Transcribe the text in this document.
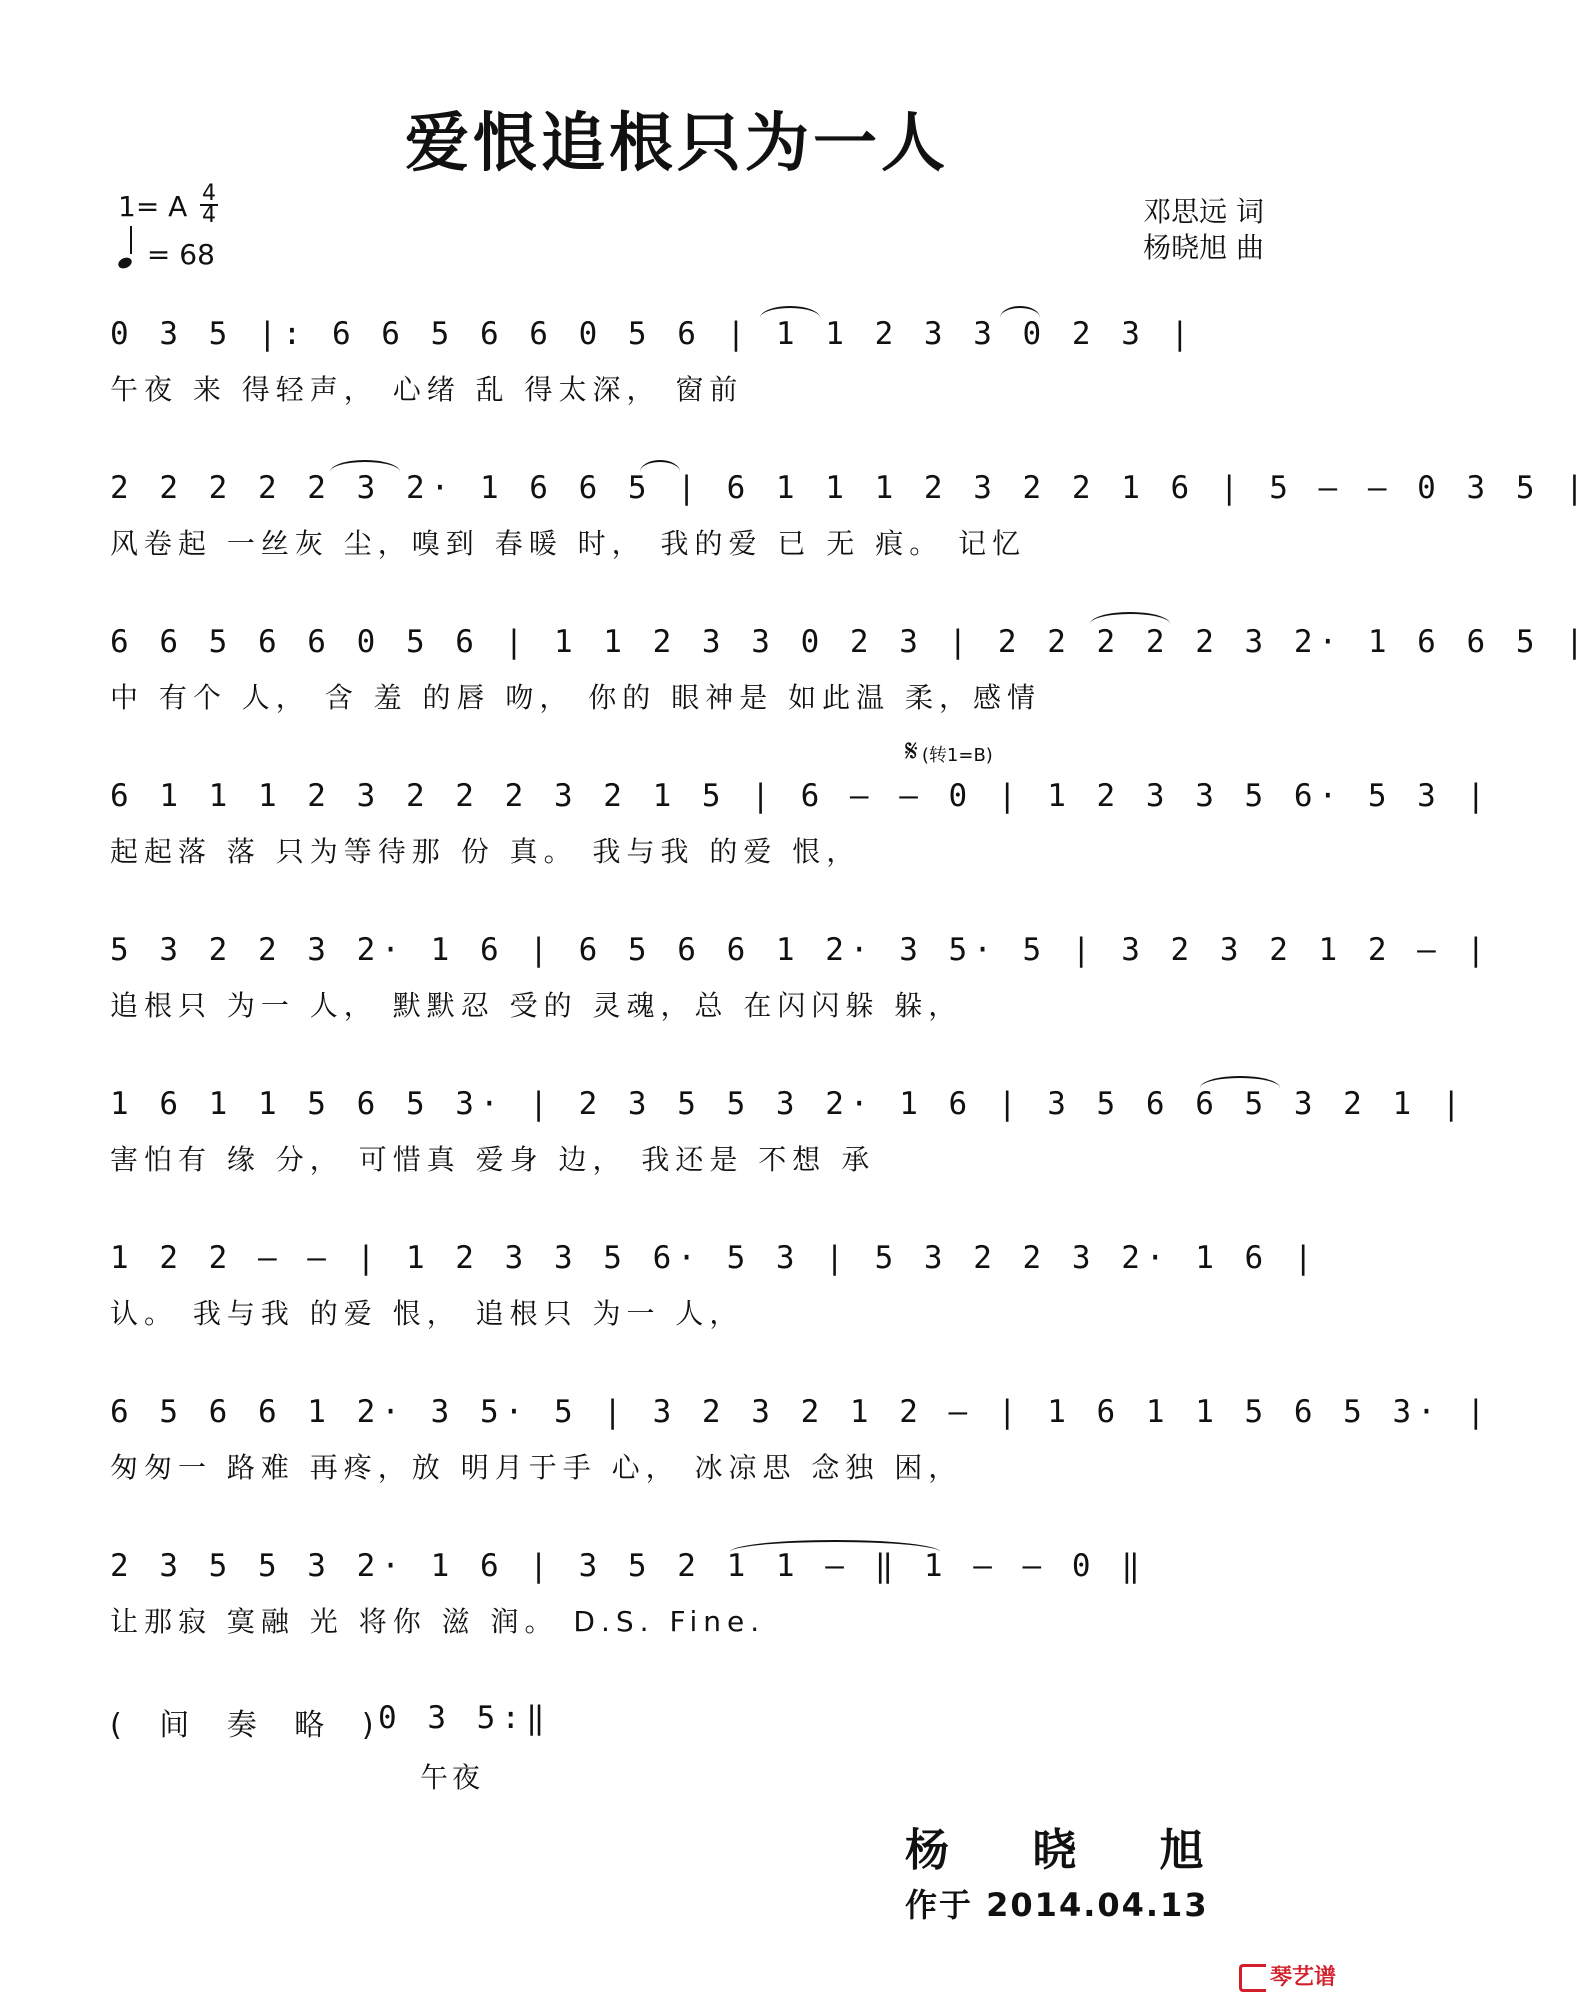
爱恨追根只为一人
1= A 4
4
= 68
邓思远 词
杨晓旭 曲
0 3 5 |: 6 6 5 6 6 0 5 6 | 1 1 2 3 3 0 2 3 |
午夜 来 得轻声， 心绪 乱 得太深， 窗前
2 2 2 2 2 3 2· 1 6 6 5 | 6 1 1 1 2 3 2 2 1 6 | 5 — — 0 3 5 |
风卷起 一丝灰 尘，嗅到 春暖 时， 我的爱 已 无 痕。 记忆
6 6 5 6 6 0 5 6 | 1 1 2 3 3 0 2 3 | 2 2 2 2 2 3 2· 1 6 6 5 |
中 有个 人， 含 羞 的唇 吻， 你的 眼神是 如此温 柔，感情
𝄋 (转1=B)
6 1 1 1 2 3 2 2 2 3 2 1 5 | 6 — — 0 | 1 2 3 3 5 6· 5 3 |
起起落 落 只为等待那 份 真。 我与我 的爱 恨，
5 3 2 2 3 2· 1 6 | 6 5 6 6 1 2· 3 5· 5 | 3 2 3 2 1 2 — |
追根只 为一 人， 默默忍 受的 灵魂，总 在闪闪躲 躲，
1 6 1 1 5 6 5 3· | 2 3 5 5 3 2· 1 6 | 3 5 6 6 5 3 2 1 |
害怕有 缘 分， 可惜真 爱身 边， 我还是 不想 承
1 2 2 — — | 1 2 3 3 5 6· 5 3 | 5 3 2 2 3 2· 1 6 |
认。 我与我 的爱 恨， 追根只 为一 人，
6 5 6 6 1 2· 3 5· 5 | 3 2 3 2 1 2 — | 1 6 1 1 5 6 5 3· |
匆匆一 路难 再疼，放 明月于手 心， 冰凉思 念独 困，
2 3 5 5 3 2· 1 6 | 3 5 2 1 1 — ‖ 1 — — 0 ‖
让那寂 寞融 光 将你 滋 润。 D.S. Fine.
( 间 奏 略 )
0 3 5:‖
午夜
杨 晓 旭
作于 2014.04.13
琴艺谱
